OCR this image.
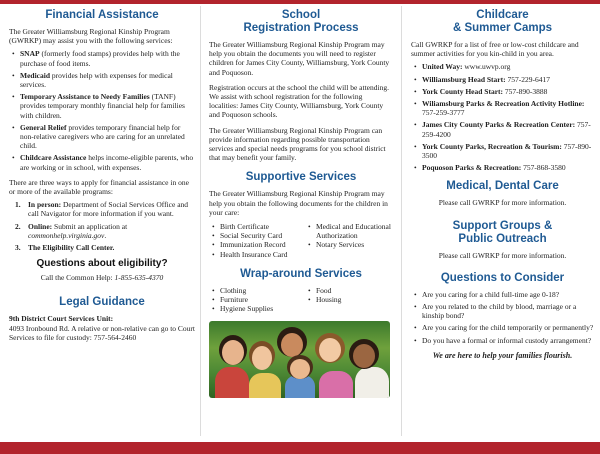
Financial Assistance

The Greater Williamsburg Regional Kinship Program (GWRKP) may assist you with the following services:

• SNAP (formerly food stamps) provides help with the purchase of food items.
• Medicaid provides help with expenses for medical services.
• Temporary Assistance to Needy Families (TANF) provides temporary monthly financial help for families with children.
• General Relief provides temporary financial help for non-relative caregivers who are caring for an unrelated child.
• Childcare Assistance helps income-eligible parents, who are working or in school, with expenses.

There are three ways to apply for financial assistance in one or more of the available programs:

1. In person: Department of Social Services Office and call Navigator for more information if you want.
2. Online: Submit an application at commonhelp.virginia.gov.
3. The Eligibility Call Center.
Questions about eligibility?

Call the Common Help: 1-855-635-4370

Legal Guidance

9th District Court Services Unit:

4093 Ironbound Rd. A relative or non-relative can go to Court Services to file for custody: 757-564-2460

School
Registration Process

The Greater Williamsburg Regional Kinship Program may help you obtain the documents you will need to register children for James City County, Williamsburg, York County and Poquoson.

Registration occurs at the school the child will be attending. We assist with school registration for the following localities: James City County, Williamsburg, York County and Poquoson schools.

The Greater Williamsburg Regional Kinship Program can provide information regarding possible transportation services and special needs programs for you school district that may benefit your family.

Supportive Services

The Greater Williamsburg Regional Kinship Program may help you obtain the following documents for the children in your care:

• Birth Certificate
• Social Security Card
• Immunization Record
• Health Insurance Card
• Medical and Educational Authorization
• Notary Services
Wrap-around Services
• Clothing
• Furniture
• Hygiene Supplies
• Food
• Housing
Childcare
& Summer Camps

Call GWRKP for a list of free or low-cost childcare and summer activities for you kin-child in you area.

• United Way: www.uwvp.org
• Williamsburg Head Start: 757-229-6417
• York County Head Start: 757-890-3888
• Wiliamsburg Parks & Recreation Activity Hotline: 757-259-3777
• James City County Parks & Recreation Center: 757-259-4200
• York County Parks, Recreation & Tourism: 757-890-3500
• Poquoson Parks & Recreation: 757-868-3580
Medical, Dental Care

Please call GWRKP for more information.

Support Groups &
Public Outreach

Please call GWRKP for more information.

Questions to Consider
• Are you caring for a child full-time age 0-18?
• Are you related to the child by blood, marriage or a kinship bond?
• Are you caring for the child temporarily or permanently?
• Do you have a formal or informal custody arrangement?

We are here to help your families flourish.
